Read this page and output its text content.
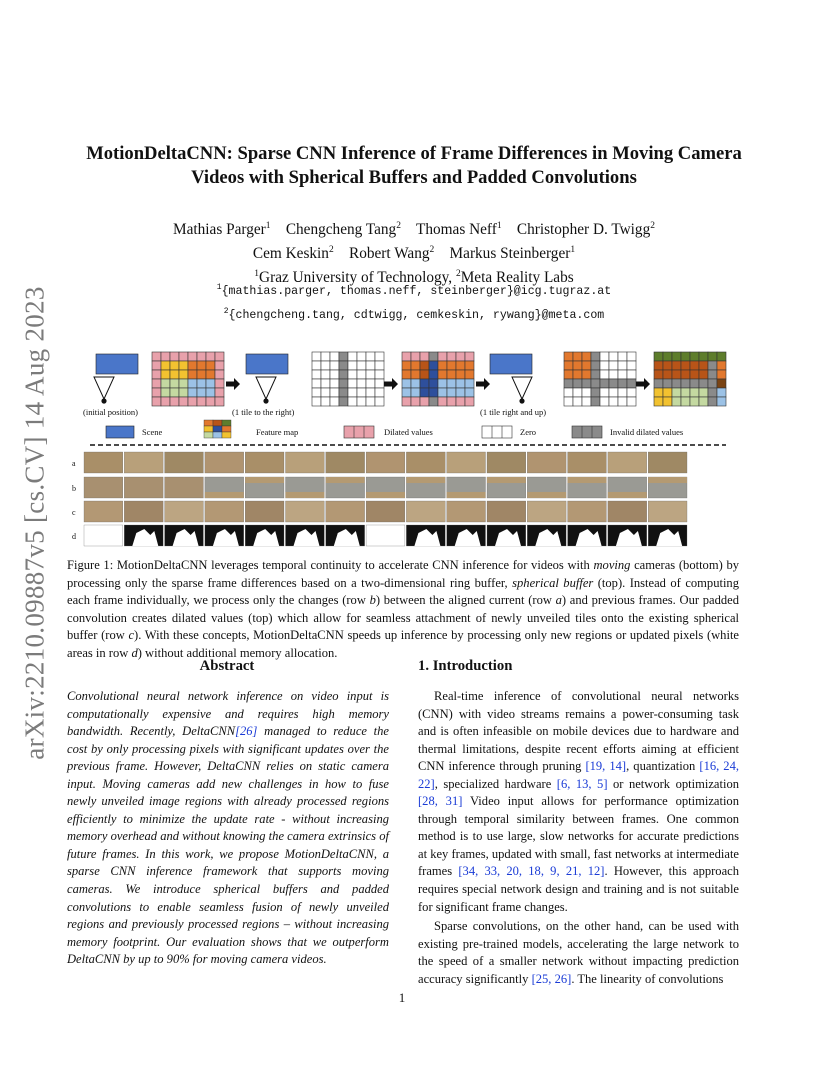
arXiv:2210.09887v5 [cs.CV] 14 Aug 2023
MotionDeltaCNN: Sparse CNN Inference of Frame Differences in Moving Camera
Videos with Spherical Buffers and Padded Convolutions
Mathias Parger$^1$ Chengcheng Tang$^2$ Thomas Neff$^1$ Christopher D. Twigg$^2$
Cem Keskin$^2$ Robert Wang$^2$ Markus Steinberger$^1$
$^1$Graz University of Technology, $^2$Meta Reality Labs
$^1${mathias.parger, thomas.neff, steinberger}@icg.tugraz.at
$^2${chengcheng.tang, cdtwigg, cemkeskin, rywang}@meta.com
(initial position)	(1 tile to the right)	(1 tile right and up)
Scene	Feature map	Dilated values	Zero	Invalid dilated values
a
b
c
d
Figure 1: MotionDeltaCNN leverages temporal continuity to accelerate CNN inference for videos with moving cameras (bottom) by processing only the sparse frame differences based on a two-dimensional ring buffer, spherical buffer (top). Instead of computing each frame individually, we process only the changes (row b) between the aligned current (row a) and previous frames. Our padded convolution creates dilated values (top) which allow for seamless attachment of newly unveiled tiles onto the existing spherical buffer (row c). With these concepts, MotionDeltaCNN speeds up inference by processing only new regions or updated pixels (white areas in row d) without additional memory allocation.
Abstract	1. Introduction
Convolutional neural network inference on video input is computationally expensive and requires high memory bandwidth. Recently, DeltaCNN[26] managed to reduce the cost by only processing pixels with significant updates over the previous frame. However, DeltaCNN relies on static camera input. Moving cameras add new challenges in how to fuse newly unveiled image regions with already processed regions efficiently to minimize the update rate - without increasing memory overhead and without knowing the camera extrinsics of future frames. In this work, we propose MotionDeltaCNN, a sparse CNN inference framework that supports moving cameras. We introduce spherical buffers and padded convolutions to enable seamless fusion of newly unveiled regions and previously processed regions – without increasing memory footprint. Our evaluation shows that we outperform DeltaCNN by up to 90% for moving camera videos.

Real-time inference of convolutional neural networks (CNN) with video streams remains a power-consuming task and is often infeasible on mobile devices due to hardware and thermal limitations, despite recent efforts aiming at efficient CNN inference through pruning [19, 14], quantization [16, 24, 22], specialized hardware [6, 13, 5] or network optimization [28, 31] Video input allows for performance optimization through temporal similarity between frames. One common method is to use large, slow networks for accurate predictions at key frames, updated with small, fast networks at intermediate frames [34, 33, 20, 18, 9, 21, 12]. However, this approach requires special network design and training and is not suitable for significant frame changes.

Sparse convolutions, on the other hand, can be used with existing pre-trained models, accelerating the large network to the speed of a smaller network without impacting prediction accuracy significantly [25, 26]. The linearity of convolutions

1
